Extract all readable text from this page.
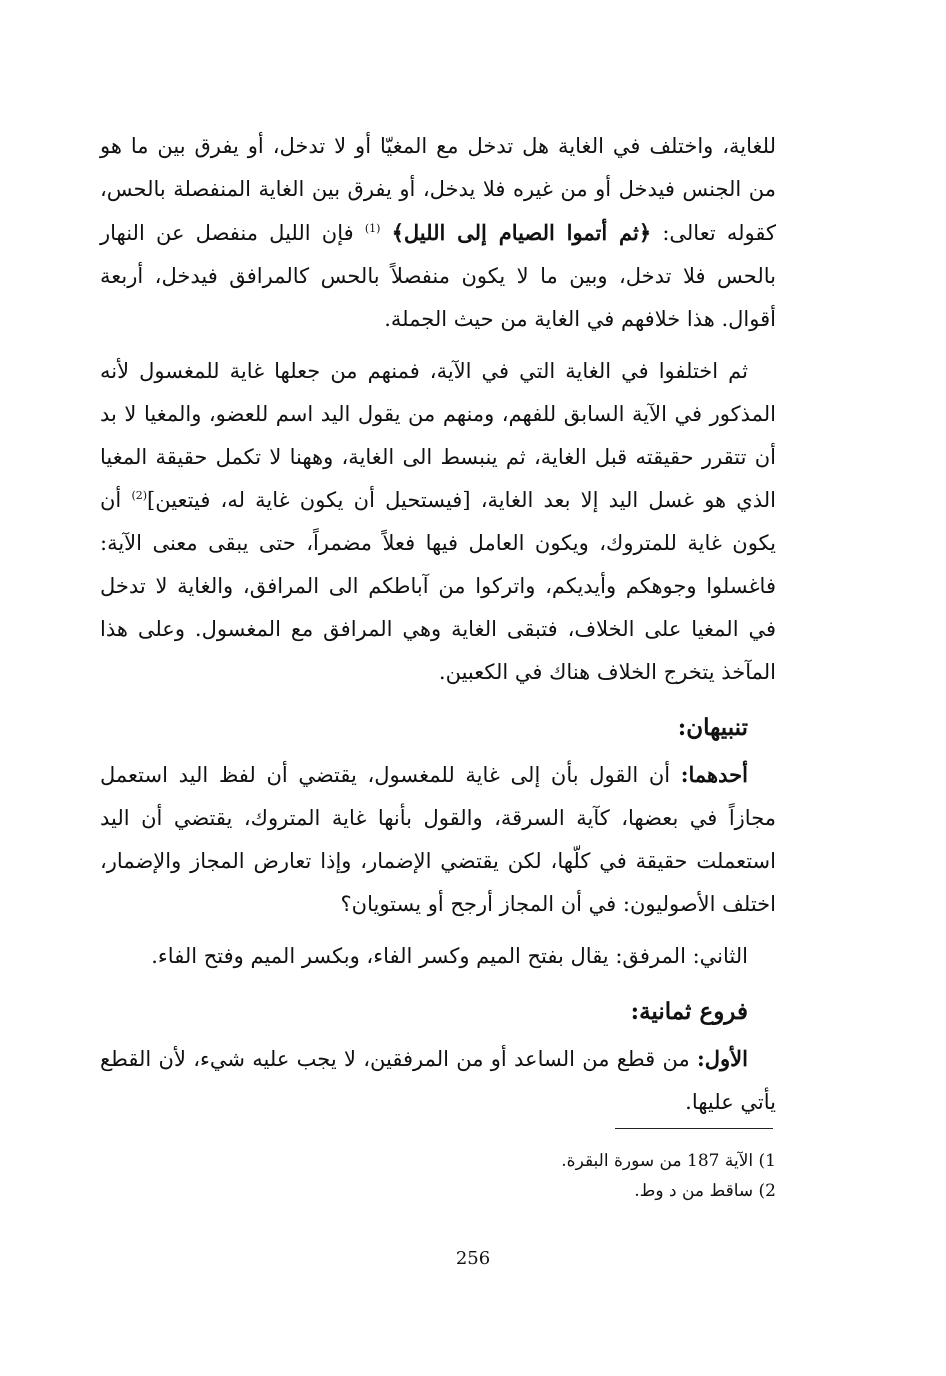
للغاية، واختلف في الغاية هل تدخل مع المغيّا أو لا تدخل، أو يفرق بين ما هو من الجنس فيدخل أو من غيره فلا يدخل، أو يفرق بين الغاية المنفصلة بالحس، كقوله تعالى: ﴿ثم أتموا الصيام إلى الليل﴾ $^{(1)}$ فإن الليل منفصل عن النهار بالحس فلا تدخل، وبين ما لا يكون منفصلاً بالحس كالمرافق فيدخل، أربعة أقوال. هذا خلافهم في الغاية من حيث الجملة.

ثم اختلفوا في الغاية التي في الآية، فمنهم من جعلها غاية للمغسول لأنه المذكور في الآية السابق للفهم، ومنهم من يقول اليد اسم للعضو، والمغيا لا بد أن تتقرر حقيقته قبل الغاية، ثم ينبسط الى الغاية، وههنا لا تكمل حقيقة المغيا الذي هو غسل اليد إلا بعد الغاية، [فيستحيل أن يكون غاية له، فيتعين]$^{(2)}$ أن يكون غاية للمتروك، ويكون العامل فيها فعلاً مضمراً، حتى يبقى معنى الآية: فاغسلوا وجوهكم وأيديكم، واتركوا من آباطكم الى المرافق، والغاية لا تدخل في المغيا على الخلاف، فتبقى الغاية وهي المرافق مع المغسول. وعلى هذا المآخذ يتخرج الخلاف هناك في الكعبين.

تنبيهان:

أحدهما: أن القول بأن إلى غاية للمغسول، يقتضي أن لفظ اليد استعمل مجازاً في بعضها، كآية السرقة، والقول بأنها غاية المتروك، يقتضي أن اليد استعملت حقيقة في كلّها، لكن يقتضي الإضمار، وإذا تعارض المجاز والإضمار، اختلف الأصوليون: في أن المجاز أرجح أو يستويان؟

الثاني: المرفق: يقال بفتح الميم وكسر الفاء، وبكسر الميم وفتح الفاء.

فروع ثمانية:

الأول: من قطع من الساعد أو من المرفقين، لا يجب عليه شيء، لأن القطع يأتي عليها.

1) الآية 187 من سورة البقرة.
2) ساقط من د وط.
256
